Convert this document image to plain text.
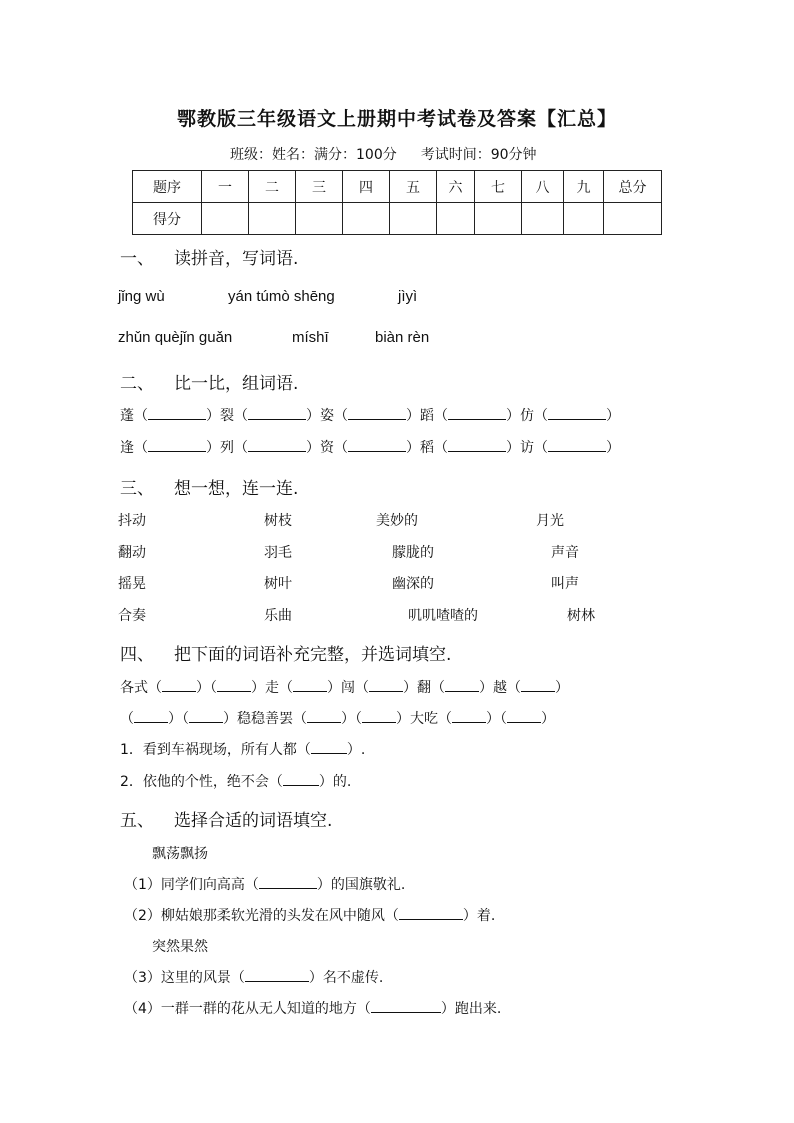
鄂教版三年级语文上册期中考试卷及答案【汇总】
班级：姓名：满分：100分 考试时间：90分钟
题序	一	二	三	四	五	六	七	八	九	总分
得分										
一、 读拼音，写词语.
jǐng wù	yán túmò shēng	jìyì
zhǔn quèjǐn guǎn	míshī	biàn rèn
二、 比一比，组词语.
蓬（	）裂（	）姿（	）蹈（	）仿（	）
逢（	）列（	）资（	）稻（	）访（	）
三、 想一想，连一连.
抖动	树枝	美妙的	月光
翻动	羽毛	朦胧的	声音
摇晃	树叶	幽深的	叫声
合奏	乐曲	叽叽喳喳的	树林
四、 把下面的词语补充完整，并选词填空.
各式（ ）（ ）走（ ）闯（ ）翻（ ）越（ ）
（ ）（ ）稳稳善罢（ ）（ ）大吃（ ）（ ）
1．看到车祸现场，所有人都（	）.
2．依他的个性，绝不会（	）的.
五、 选择合适的词语填空.
飘荡飘扬
（1）同学们向高高（	）的国旗敬礼.
（2）柳姑娘那柔软光滑的头发在风中随风（	）着.
突然果然
（3）这里的风景（	）名不虚传.
（4）一群一群的花从无人知道的地方（	）跑出来.
